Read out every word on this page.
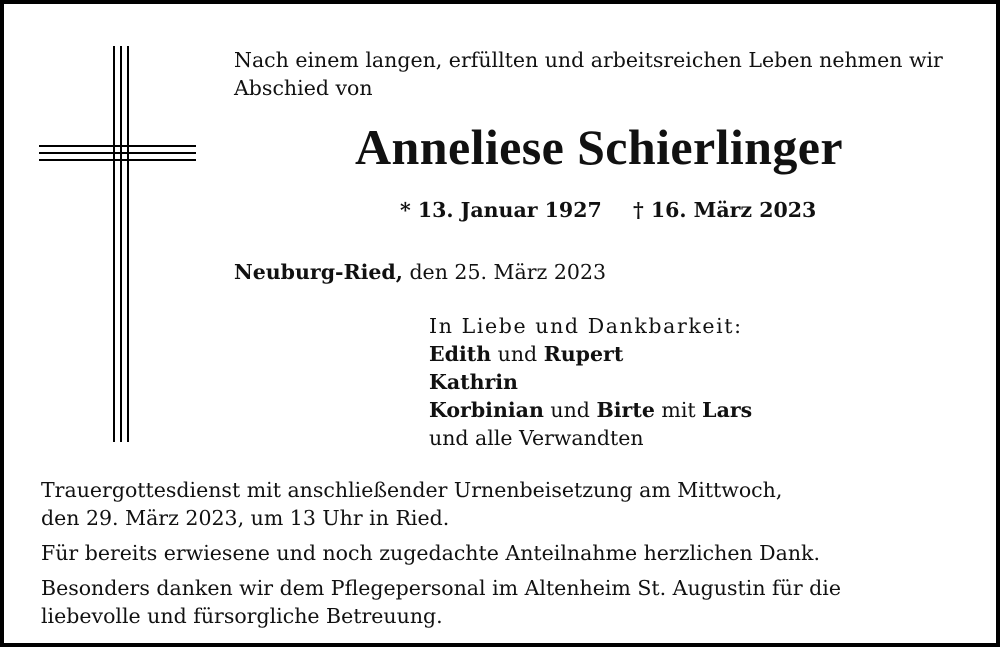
Nach einem langen, erfüllten und arbeitsreichen Leben nehmen wir
Abschied von
Anneliese Schierlinger
* 13. Januar 1927 † 16. März 2023
Neuburg-Ried, den 25. März 2023
In Liebe und Dankbarkeit:
Edith und Rupert
Kathrin
Korbinian und Birte mit Lars
und alle Verwandten

Trauergottesdienst mit anschließender Urnenbeisetzung am Mittwoch,
den 29. März 2023, um 13 Uhr in Ried.

Für bereits erwiesene und noch zugedachte Anteilnahme herzlichen Dank.

Besonders danken wir dem Pflegepersonal im Altenheim St. Augustin für die
liebevolle und fürsorgliche Betreuung.
